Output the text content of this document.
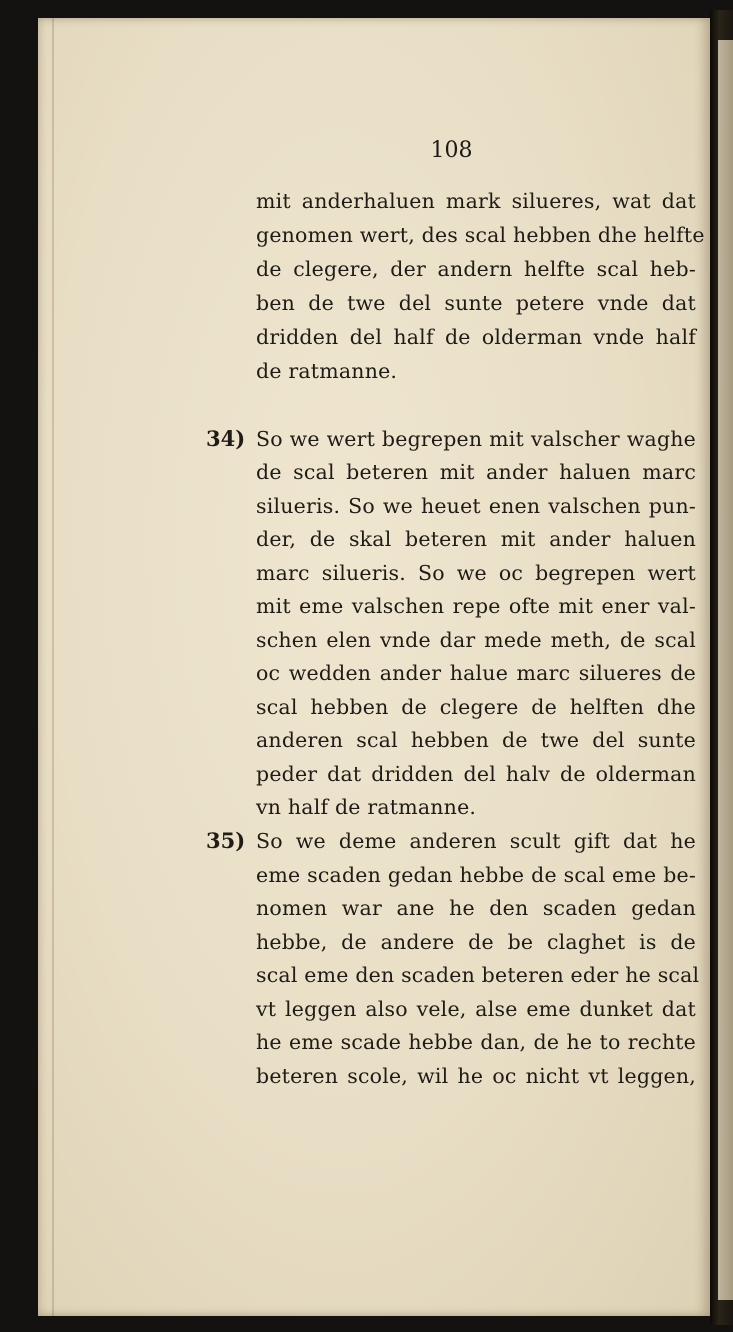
108
mit anderhaluen mark silueres, wat dat
genomen wert, des scal hebben dhe helfte
de clegere, der andern helfte scal heb-
ben de twe del sunte petere vnde dat
dridden del half de olderman vnde half
de ratmanne.
34) So we wert begrepen mit valscher waghe
de scal beteren mit ander haluen marc
silueris. So we heuet enen valschen pun-
der, de skal beteren mit ander haluen
marc silueris. So we oc begrepen wert
mit eme valschen repe ofte mit ener val-
schen elen vnde dar mede meth, de scal
oc wedden ander halue marc silueres de
scal hebben de clegere de helften dhe
anderen scal hebben de twe del sunte
peder dat dridden del halv de olderman
vn half de ratmanne.
35) So we deme anderen scult gift dat he
eme scaden gedan hebbe de scal eme be-
nomen war ane he den scaden gedan
hebbe, de andere de be claghet is de
scal eme den scaden beteren eder he scal
vt leggen also vele, alse eme dunket dat
he eme scade hebbe dan, de he to rechte
beteren scole, wil he oc nicht vt leggen,
